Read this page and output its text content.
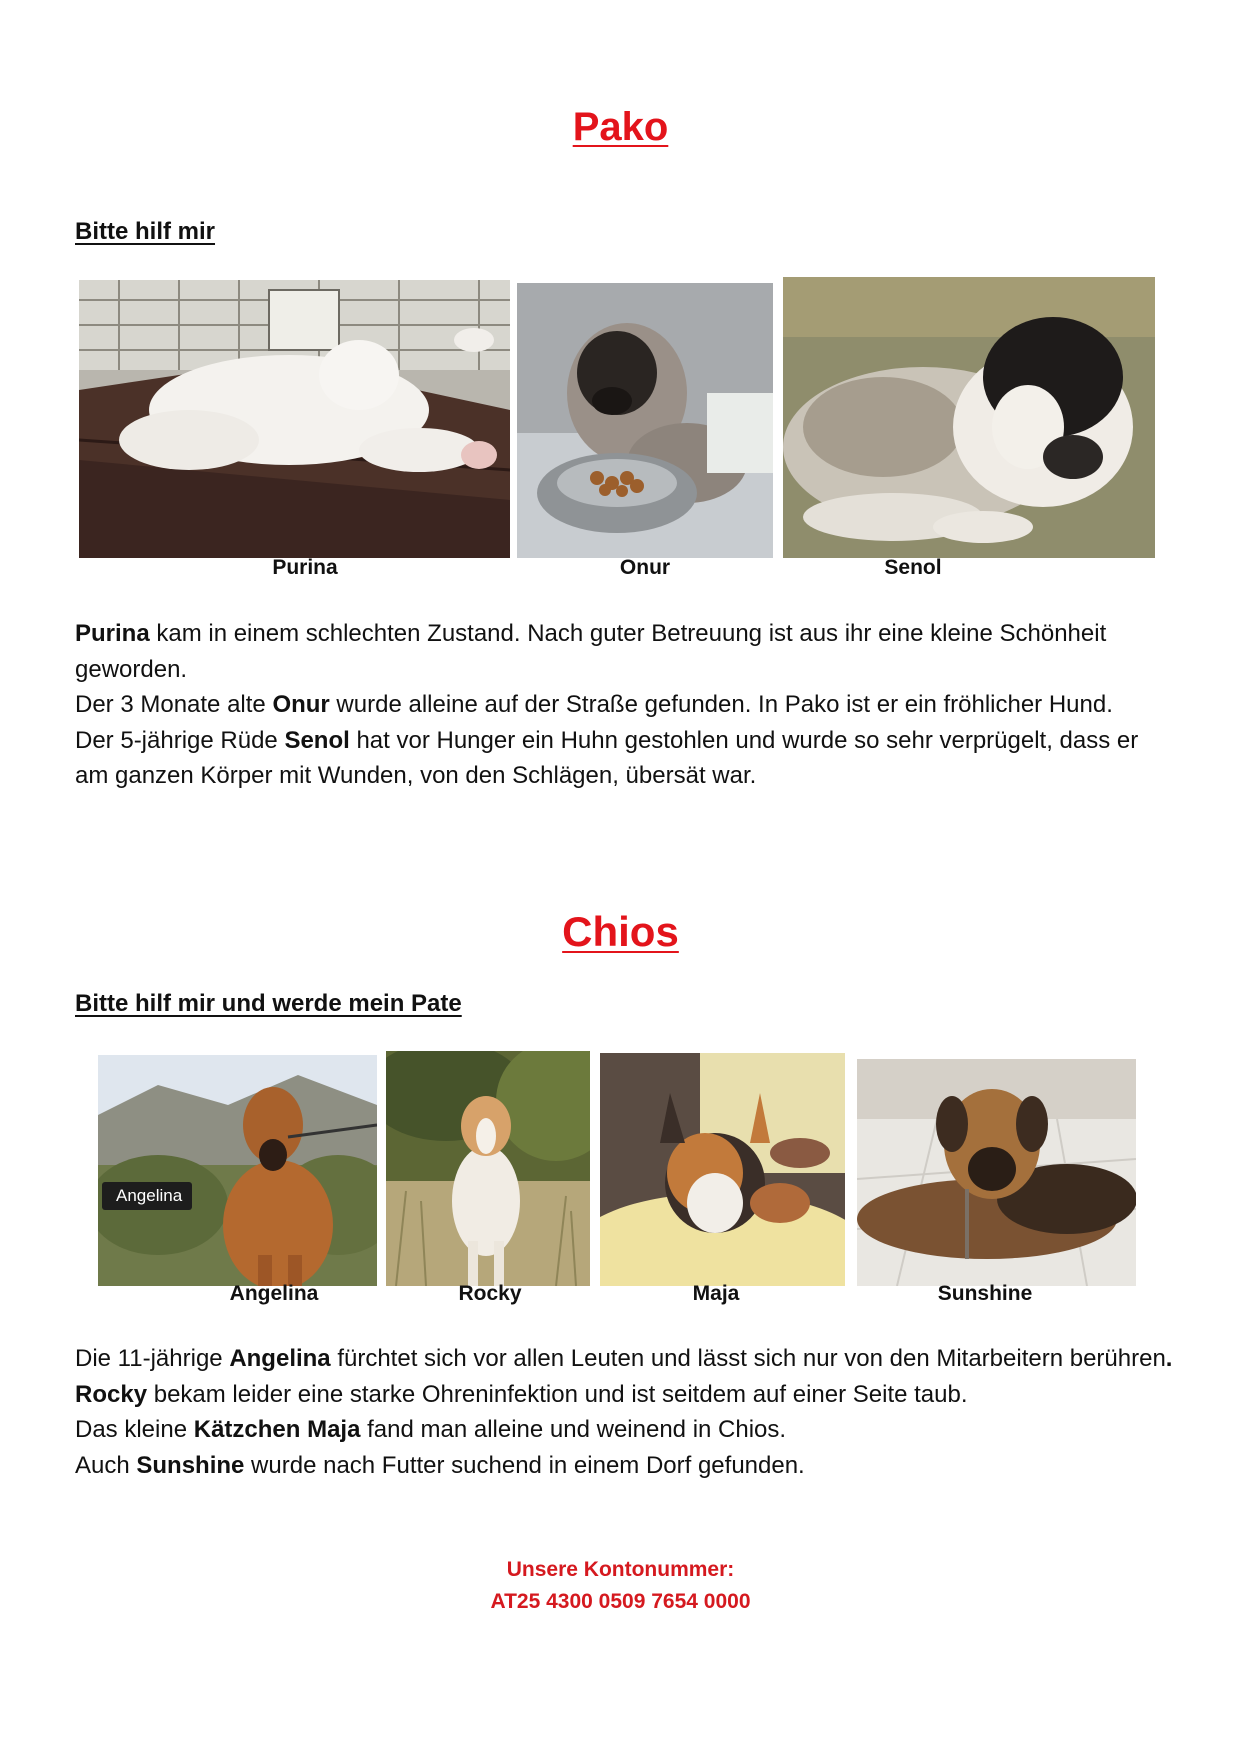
Pako
Bitte hilf mir
Purina	Onur	Senol

Purina kam in einem schlechten Zustand. Nach guter Betreuung ist aus ihr eine kleine Schönheit geworden.

Der 3 Monate alte Onur wurde alleine auf der Straße gefunden. In Pako ist er ein fröhlicher Hund.

Der 5-jährige Rüde Senol hat vor Hunger ein Huhn gestohlen und wurde so sehr verprügelt, dass er am ganzen Körper mit Wunden, von den Schlägen, übersät war.

Chios
Bitte hilf mir und werde mein Pate
Angelina
Angelina	Rocky	Maja	Sunshine

Die 11-jährige Angelina fürchtet sich vor allen Leuten und lässt sich nur von den Mitarbeitern berühren.

Rocky bekam leider eine starke Ohreninfektion und ist seitdem auf einer Seite taub.

Das kleine Kätzchen Maja fand man alleine und weinend in Chios.

Auch Sunshine wurde nach Futter suchend in einem Dorf gefunden.

Unsere Kontonummer:
AT25 4300 0509 7654 0000
